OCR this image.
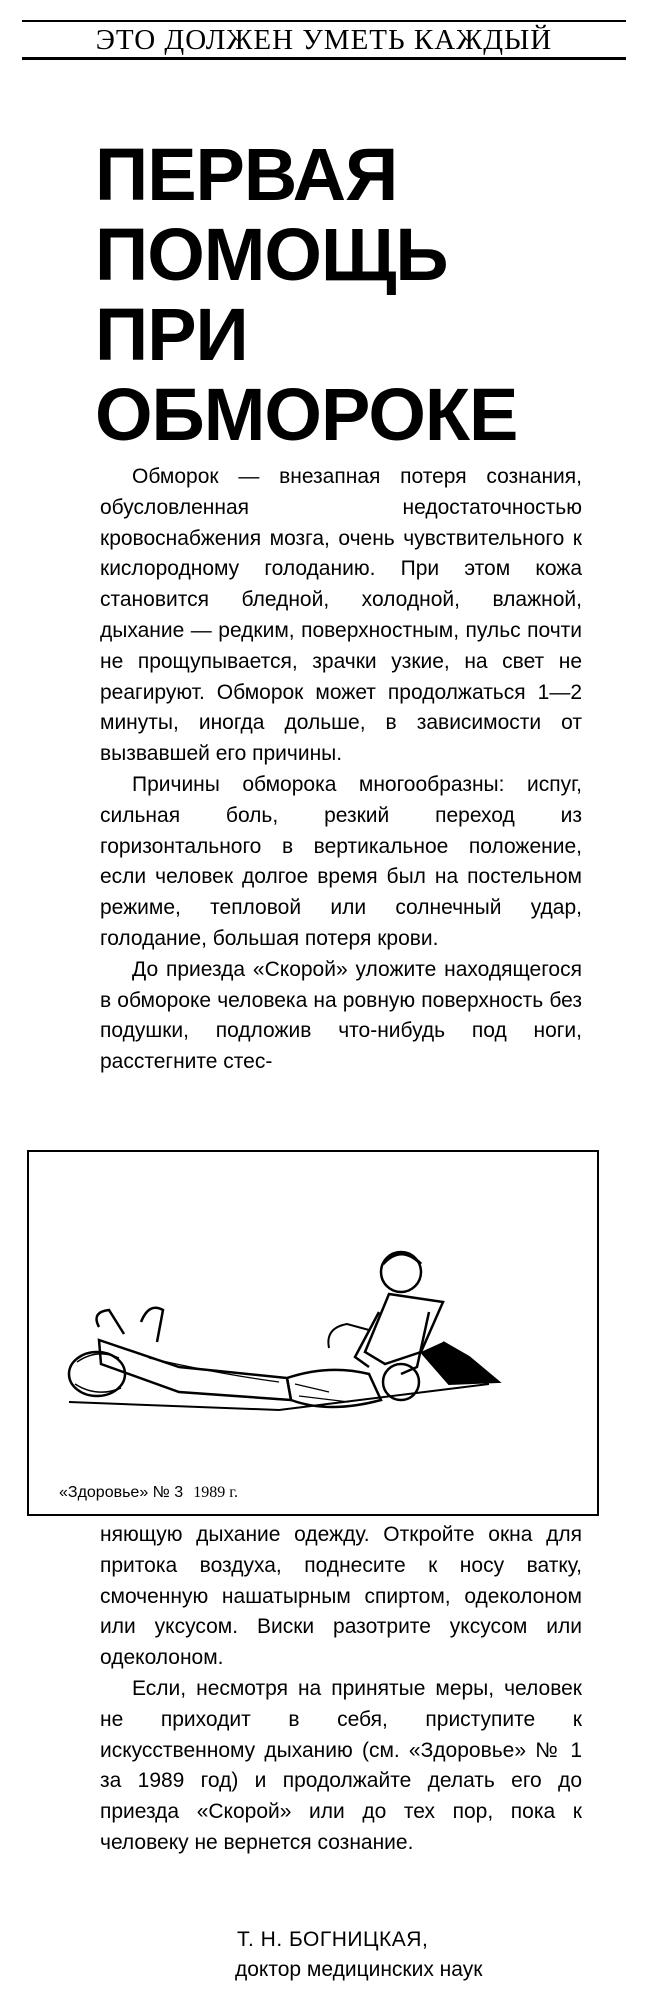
ЭТО ДОЛЖЕН УМЕТЬ КАЖДЫЙ
ПЕРВАЯ
ПОМОЩЬ
ПРИ
ОБМОРОКЕ

Обморок — внезапная потеря сознания, обусловленная недостаточностью кровоснабжения мозга, очень чувствительного к кислородному голоданию. При этом кожа становится бледной, холодной, влажной, дыхание — редким, поверхностным, пульс почти не прощупывается, зрачки узкие, на свет не реагируют. Обморок может продолжаться 1—2 минуты, иногда дольше, в зависимости от вызвавшей его причины.

Причины обморока многообразны: испуг, сильная боль, резкий переход из горизонтального в вертикальное положение, если человек долгое время был на постельном режиме, тепловой или солнечный удар, голодание, большая потеря крови.

До приезда «Скорой» уложите находящегося в обмороке человека на ровную поверхность без подушки, подложив что-нибудь под ноги, расстегните стес-

«Здоровье» № 3 1989 г.

няющую дыхание одежду. Откройте окна для притока воздуха, поднесите к носу ватку, смоченную нашатырным спиртом, одеколоном или уксусом. Виски разотрите уксусом или одеколоном.

Если, несмотря на принятые меры, человек не приходит в себя, приступите к искусственному дыханию (см. «Здоровье» № 1 за 1989 год) и продолжайте делать его до приезда «Скорой» или до тех пор, пока к человеку не вернется сознание.

Т. Н. БОГНИЦКАЯ,
доктор медицинских наук
